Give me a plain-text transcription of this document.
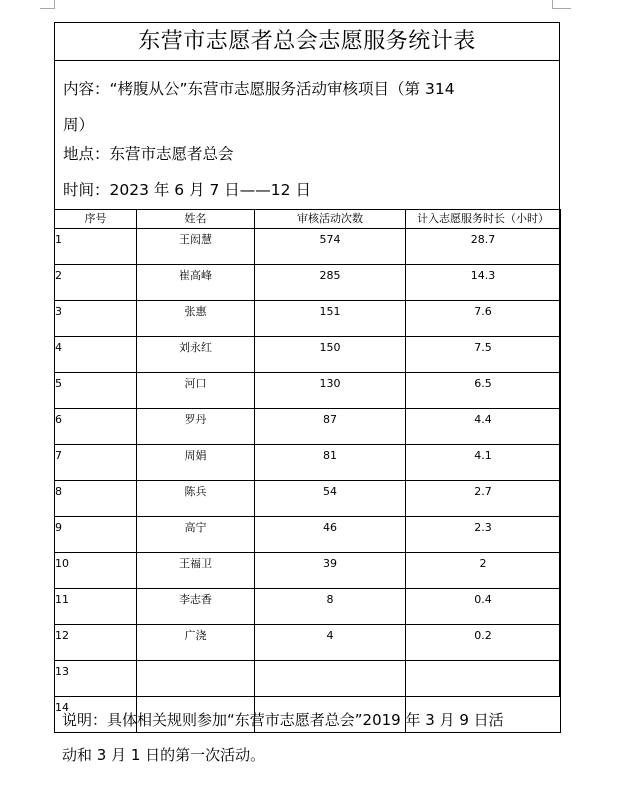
东营市志愿者总会志愿服务统计表
内容：“栲腹从公”东营市志愿服务活动审核项目（第 314
周）
地点：东营市志愿者总会
时间：2023 年 6 月 7 日——12 日
序号	姓名	审核活动次数	计入志愿服务时长（小时）
1	王闳慧	574	28.7
2	崔高峰	285	14.3
3	张惠	151	7.6
4	刘永红	150	7.5
5	河口	130	6.5
6	罗丹	87	4.4
7	周娟	81	4.1
8	陈兵	54	2.7
9	高宁	46	2.3
10	王福卫	39	2
11	李志香	8	0.4
12	广浇	4	0.2
13			
14			
说明：具体相关规则参加“东营市志愿者总会”2019 年 3 月 9 日活
动和 3 月 1 日的第一次活动。
